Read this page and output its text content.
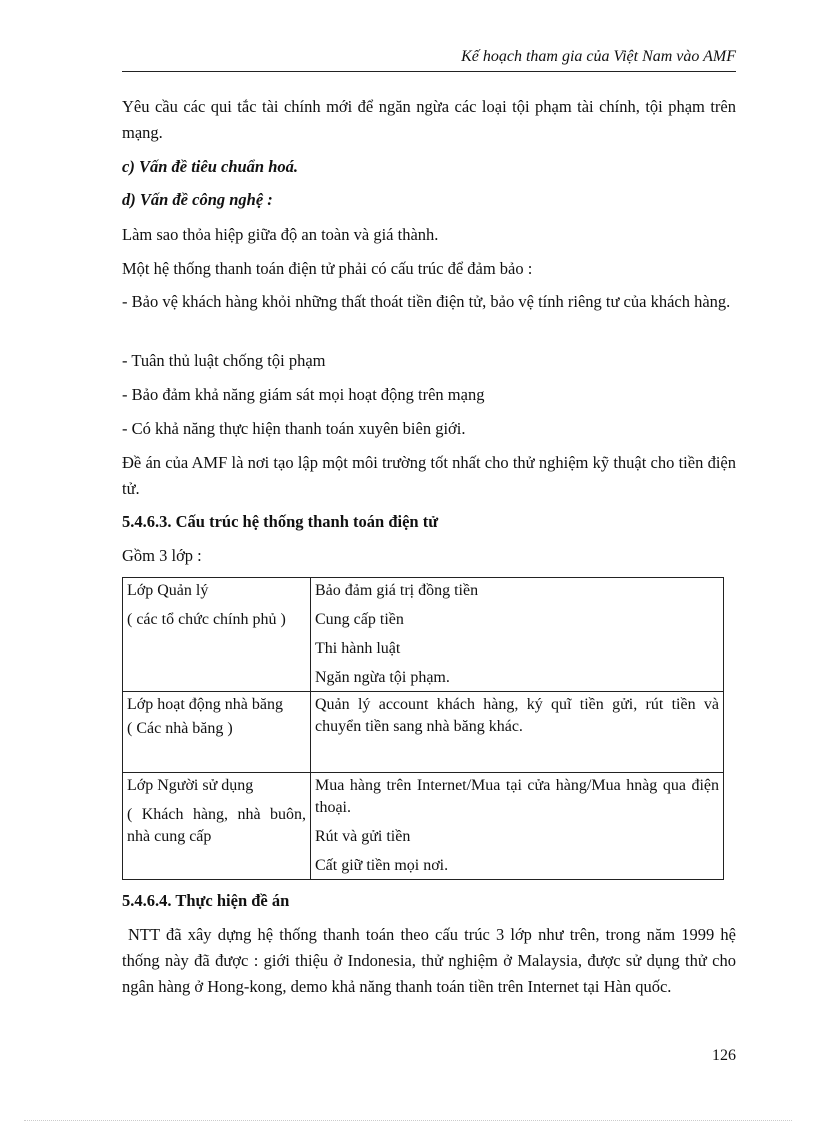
Kế hoạch tham gia của Việt Nam vào AMF

Yêu cầu các qui tắc tài chính mới để ngăn ngừa các loại tội phạm tài chính, tội phạm trên mạng.

c) Vấn đề tiêu chuẩn hoá.

d) Vấn đề công nghệ :

Làm sao thỏa hiệp giữa độ an toàn và giá thành.

Một hệ thống thanh toán điện tử phải có cấu trúc để đảm bảo :

- Bảo vệ khách hàng khỏi những thất thoát tiền điện tử, bảo vệ tính riêng tư của khách hàng.

- Tuân thủ luật chống tội phạm

- Bảo đảm khả năng giám sát mọi hoạt động trên mạng

- Có khả năng thực hiện thanh toán xuyên biên giới.

Đề án của AMF là nơi tạo lập một môi trường tốt nhất cho thử nghiệm kỹ thuật cho tiền điện tử.

5.4.6.3. Cấu trúc hệ thống thanh toán điện tử

Gồm 3 lớp :

Lớp Quản lý
( các tổ chức chính phủ )	Bảo đảm giá trị đồng tiền
Cung cấp tiền
Thi hành luật
Ngăn ngừa tội phạm.

Lớp hoạt động nhà băng
( Các nhà băng )	Quản lý account khách hàng, ký quĩ tiền gửi, rút tiền và chuyển tiền sang nhà băng khác.

Lớp Người sử dụng
( Khách hàng, nhà buôn, nhà cung cấp	Mua hàng trên Internet/Mua tại cửa hàng/Mua hnàg qua điện thoại.
Rút và gửi tiền
Cất giữ tiền mọi nơi.

5.4.6.4. Thực hiện đề án

NTT đã xây dựng hệ thống thanh toán theo cấu trúc 3 lớp như trên, trong năm 1999 hệ thống này đã được : giới thiệu ở Indonesia, thử nghiệm ở Malaysia, được sử dụng thử cho ngân hàng ở Hong-kong, demo khả năng thanh toán tiền trên Internet tại Hàn quốc.

126
